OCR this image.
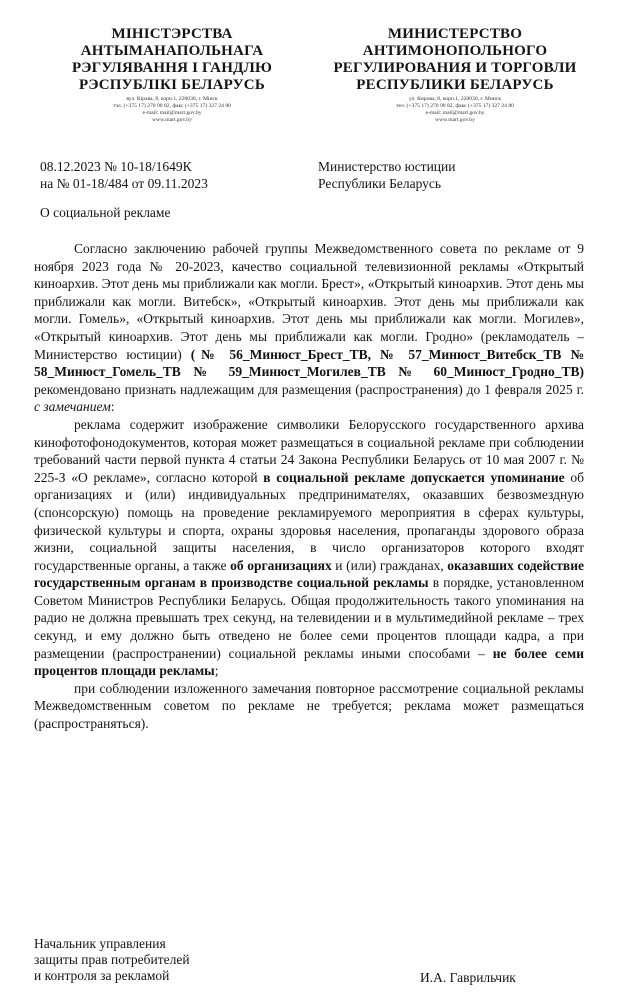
МІНІСТЭРСТВА
АНТЫМАНАПОЛЬНАГА
РЭГУЛЯВАННЯ І ГАНДЛЮ
РЭСПУБЛІКІ БЕЛАРУСЬ
вул. Кірава, 8, корп.1, 220030, г. Мінск
тэл. (+375 17) 270 90 82, факс (+375 17) 327 24 80
e-mail: mail@mart.gov.by
www.mart.gov.by
МИНИСТЕРСТВО
АНТИМОНОПОЛЬНОГО
РЕГУЛИРОВАНИЯ И ТОРГОВЛИ
РЕСПУБЛИКИ БЕЛАРУСЬ
ул. Кирова, 8, корп.1, 220030, г. Минск
тел. (+375 17) 270 90 82, факс (+375 17) 327 24 80
e-mail: mail@mart.gov.by
www.mart.gov.by
08.12.2023 № 10-18/1649К
на № 01-18/484 от 09.11.2023
Министерство юстиции
Республики Беларусь
О социальной рекламе

Согласно заключению рабочей группы Межведомственного совета по рекламе от 9 ноября 2023 года № 20-2023, качество социальной телевизионной рекламы «Открытый киноархив. Этот день мы приближали как могли. Брест», «Открытый киноархив. Этот день мы приближали как могли. Витебск», «Открытый киноархив. Этот день мы приближали как могли. Гомель», «Открытый киноархив. Этот день мы приближали как могли. Могилев», «Открытый киноархив. Этот день мы приближали как могли. Гродно» (рекламодатель – Министерство юстиции) (№ 56_Минюст_Брест_ТВ, № 57_Минюст_Витебск_ТВ № 58_Минюст_Гомель_ТВ № 59_Минюст_Могилев_ТВ № 60_Минюст_Гродно_ТВ) рекомендовано признать надлежащим для размещения (распространения) до 1 февраля 2025 г. с замечанием:

реклама содержит изображение символики Белорусского государственного архива кинофотофонодокументов, которая может размещаться в социальной рекламе при соблюдении требований части первой пункта 4 статьи 24 Закона Республики Беларусь от 10 мая 2007 г. № 225-З «О рекламе», согласно которой в социальной рекламе допускается упоминание об организациях и (или) индивидуальных предпринимателях, оказавших безвозмездную (спонсорскую) помощь на проведение рекламируемого мероприятия в сферах культуры, физической культуры и спорта, охраны здоровья населения, пропаганды здорового образа жизни, социальной защиты населения, в число организаторов которого входят государственные органы, а также об организациях и (или) гражданах, оказавших содействие государственным органам в производстве социальной рекламы в порядке, установленном Советом Министров Республики Беларусь. Общая продолжительность такого упоминания на радио не должна превышать трех секунд, на телевидении и в мультимедийной рекламе – трех секунд, и ему должно быть отведено не более семи процентов площади кадра, а при размещении (распространении) социальной рекламы иными способами – не более семи процентов площади рекламы;

при соблюдении изложенного замечания повторное рассмотрение социальной рекламы Межведомственным советом по рекламе не требуется; реклама может размещаться (распространяться).

Начальник управления
защиты прав потребителей
и контроля за рекламой	И.А. Гаврильчик
